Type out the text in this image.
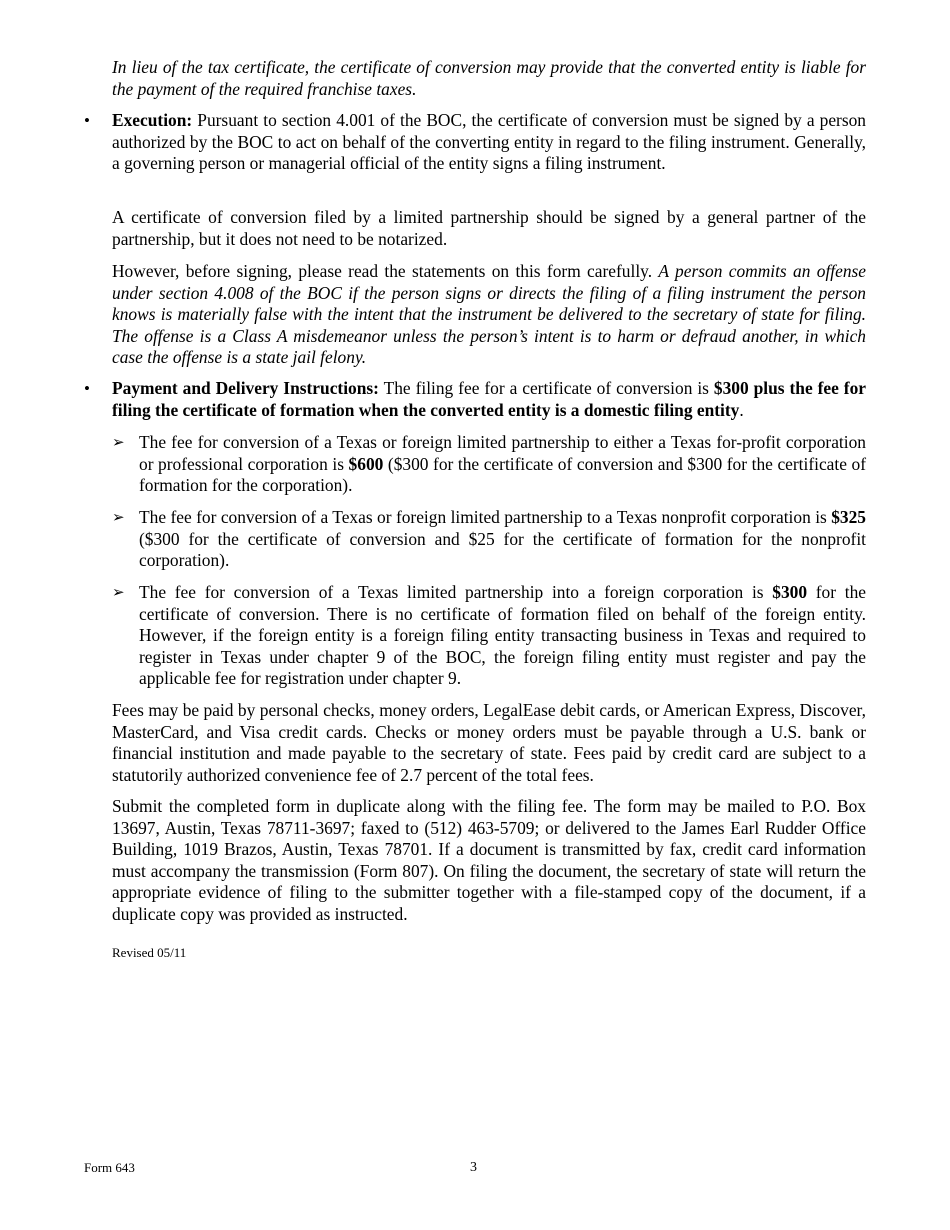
In lieu of the tax certificate, the certificate of conversion may provide that the converted entity is liable for the payment of the required franchise taxes.

• Execution: Pursuant to section 4.001 of the BOC, the certificate of conversion must be signed by a person authorized by the BOC to act on behalf of the converting entity in regard to the filing instrument. Generally, a governing person or managerial official of the entity signs a filing instrument.

A certificate of conversion filed by a limited partnership should be signed by a general partner of the partnership, but it does not need to be notarized.

However, before signing, please read the statements on this form carefully. A person commits an offense under section 4.008 of the BOC if the person signs or directs the filing of a filing instrument the person knows is materially false with the intent that the instrument be delivered to the secretary of state for filing. The offense is a Class A misdemeanor unless the person’s intent is to harm or defraud another, in which case the offense is a state jail felony.

• Payment and Delivery Instructions: The filing fee for a certificate of conversion is $300 plus the fee for filing the certificate of formation when the converted entity is a domestic filing entity.

➢ The fee for conversion of a Texas or foreign limited partnership to either a Texas for-profit corporation or professional corporation is $600 ($300 for the certificate of conversion and $300 for the certificate of formation for the corporation).

➢ The fee for conversion of a Texas or foreign limited partnership to a Texas nonprofit corporation is $325 ($300 for the certificate of conversion and $25 for the certificate of formation for the nonprofit corporation).

➢ The fee for conversion of a Texas limited partnership into a foreign corporation is $300 for the certificate of conversion. There is no certificate of formation filed on behalf of the foreign entity. However, if the foreign entity is a foreign filing entity transacting business in Texas and required to register in Texas under chapter 9 of the BOC, the foreign filing entity must register and pay the applicable fee for registration under chapter 9.

Fees may be paid by personal checks, money orders, LegalEase debit cards, or American Express, Discover, MasterCard, and Visa credit cards. Checks or money orders must be payable through a U.S. bank or financial institution and made payable to the secretary of state. Fees paid by credit card are subject to a statutorily authorized convenience fee of 2.7 percent of the total fees.

Submit the completed form in duplicate along with the filing fee. The form may be mailed to P.O. Box 13697, Austin, Texas 78711-3697; faxed to (512) 463-5709; or delivered to the James Earl Rudder Office Building, 1019 Brazos, Austin, Texas 78701. If a document is transmitted by fax, credit card information must accompany the transmission (Form 807). On filing the document, the secretary of state will return the appropriate evidence of filing to the submitter together with a file-stamped copy of the document, if a duplicate copy was provided as instructed.

Revised 05/11
Form 643	3
